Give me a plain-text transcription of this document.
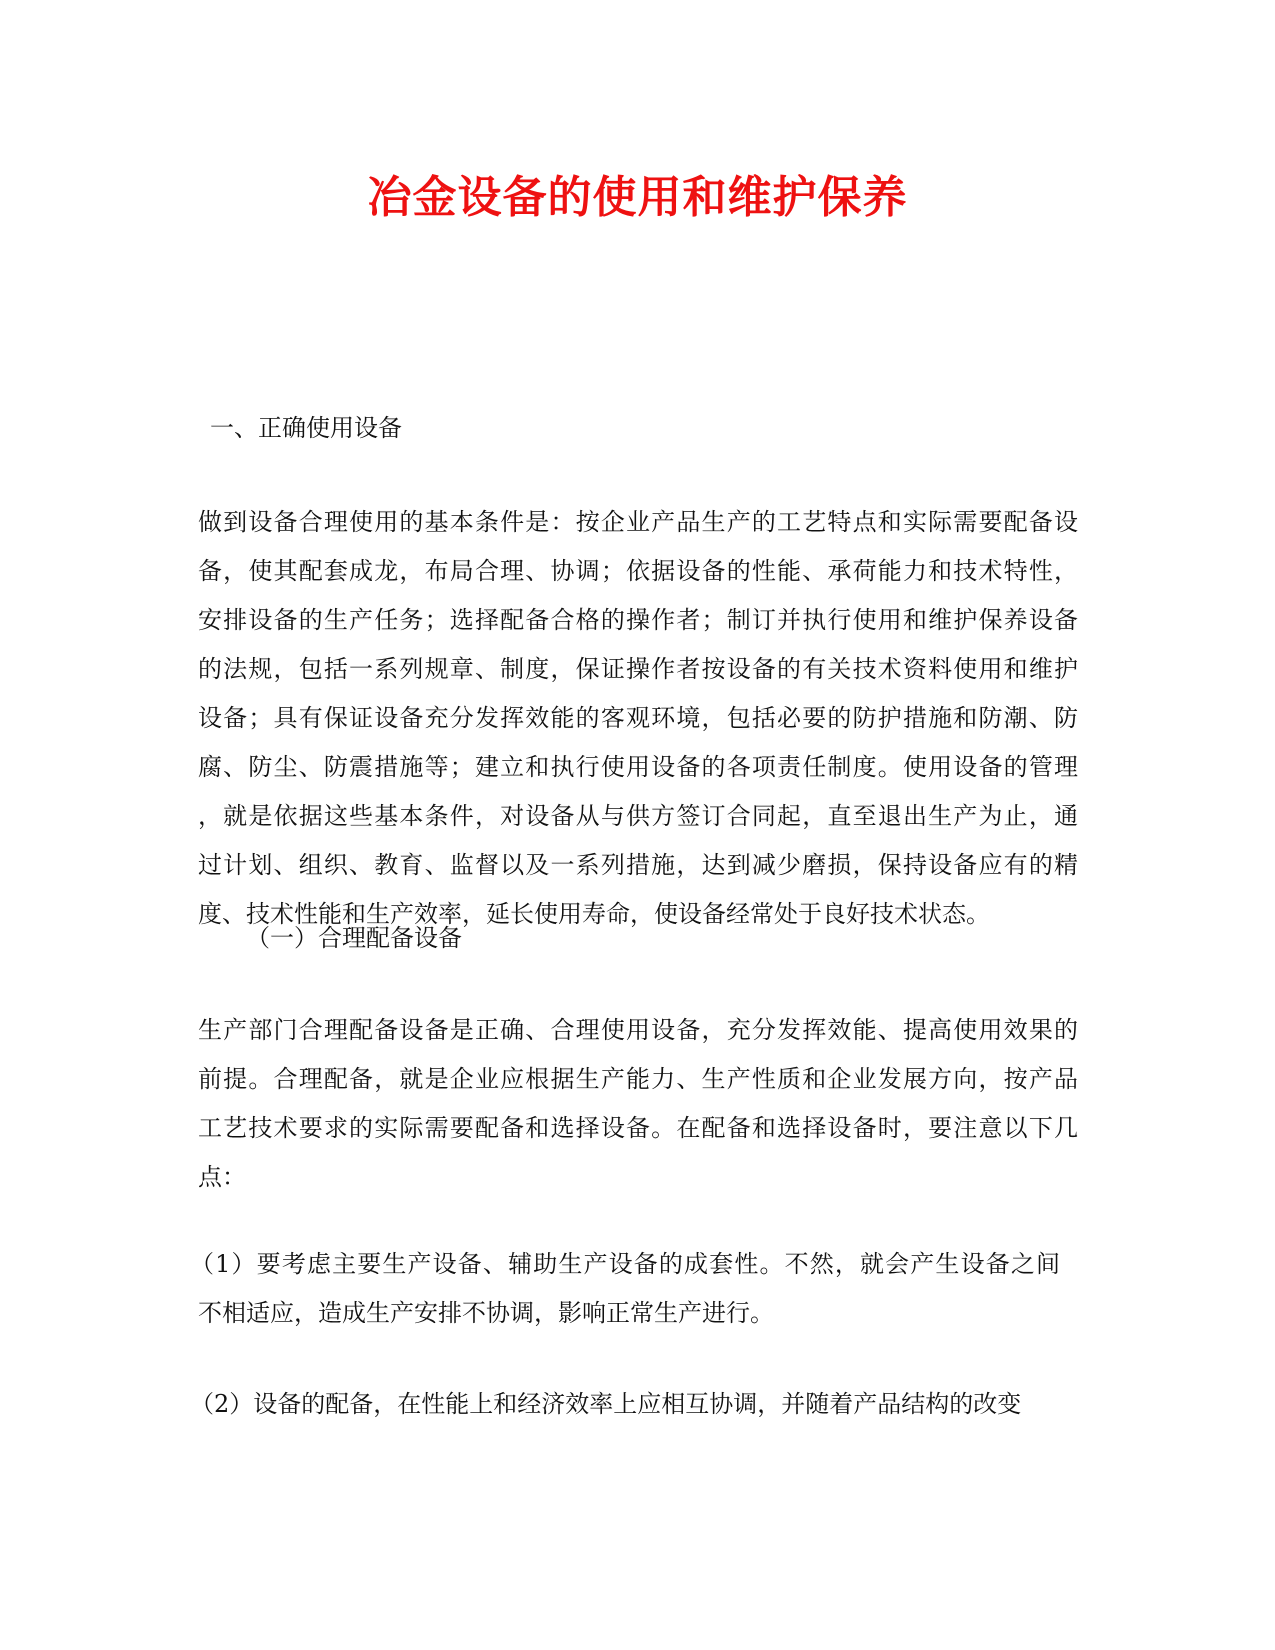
冶金设备的使用和维护保养

一、正确使用设备

做到设备合理使用的基本条件是：按企业产品生产的工艺特点和实际需要配备设
备，使其配套成龙，布局合理、协调；依据设备的性能、承荷能力和技术特性，
安排设备的生产任务；选择配备合格的操作者；制订并执行使用和维护保养设备
的法规，包括一系列规章、制度，保证操作者按设备的有关技术资料使用和维护
设备；具有保证设备充分发挥效能的客观环境，包括必要的防护措施和防潮、防
腐、防尘、防震措施等；建立和执行使用设备的各项责任制度。使用设备的管理
，就是依据这些基本条件，对设备从与供方签订合同起，直至退出生产为止，通
过计划、组织、教育、监督以及一系列措施，达到减少磨损，保持设备应有的精
度、技术性能和生产效率，延长使用寿命，使设备经常处于良好技术状态。

（一）合理配备设备

生产部门合理配备设备是正确、合理使用设备，充分发挥效能、提高使用效果的
前提。合理配备，就是企业应根据生产能力、生产性质和企业发展方向，按产品
工艺技术要求的实际需要配备和选择设备。在配备和选择设备时，要注意以下几
点：
（1）要考虑主要生产设备、辅助生产设备的成套性。不然，就会产生设备之间
不相适应，造成生产安排不协调，影响正常生产进行。
（2）设备的配备，在性能上和经济效率上应相互协调，并随着产品结构的改变
